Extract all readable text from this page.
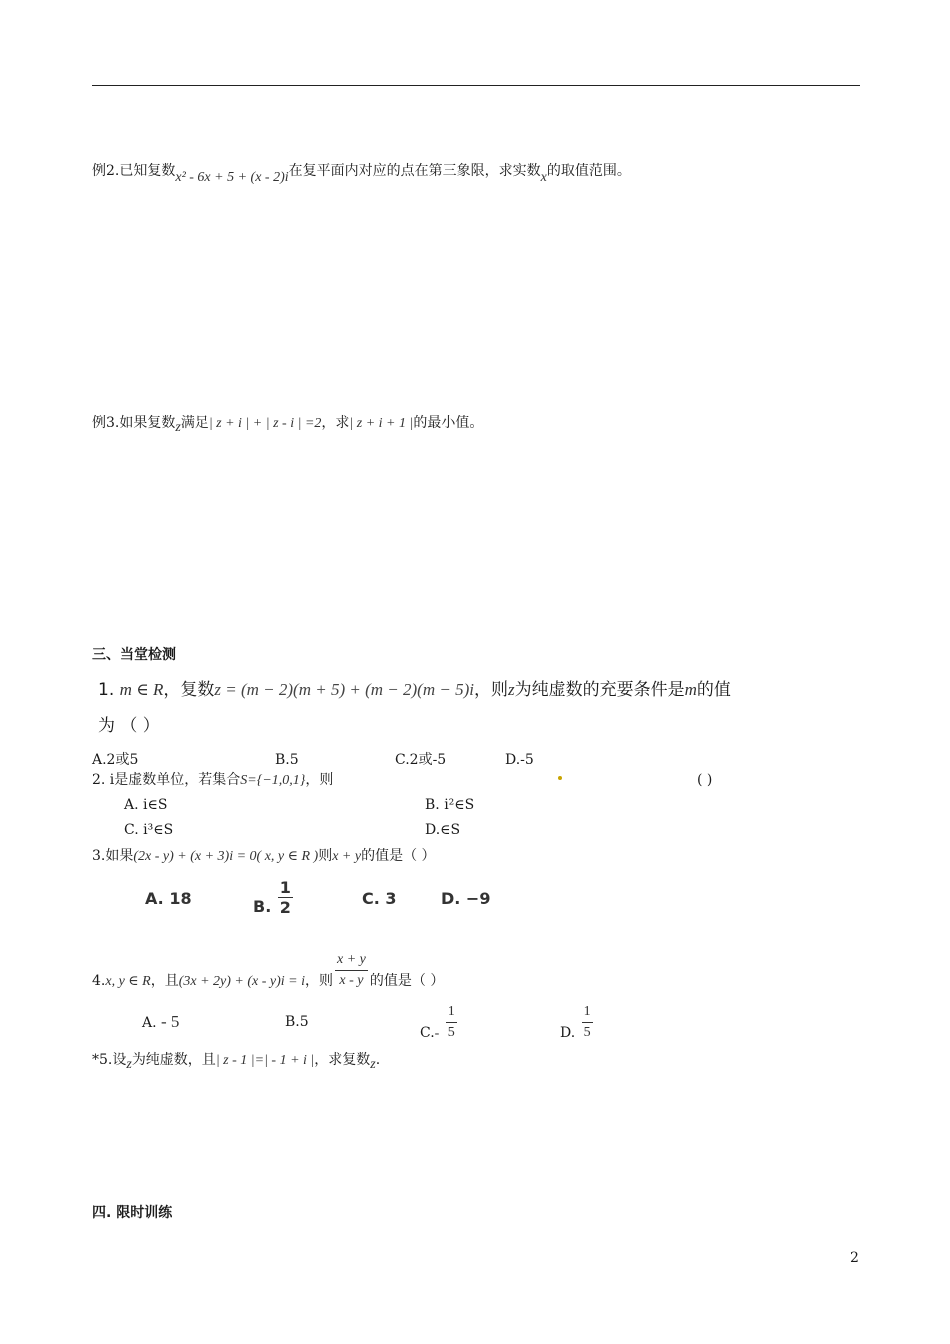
例2.已知复数x² - 6x + 5 + (x - 2)i在复平面内对应的点在第三象限，求实数x的取值范围。
例3.如果复数z满足| z + i | + | z - i | =2，求| z + i + 1 |的最小值。
三、当堂检测
1. m ∈ R，复数z = (m − 2)(m + 5) + (m − 2)(m − 5)i，则z为纯虚数的充要条件是m的值
为 （ ）
A.2或5	B.5	C.2或-5	D.-5
2. i是虚数单位，若集合S={−1,0,1}，则	( )
A. i∈S	B. i²∈S
C. i³∈S	D.∈S
3.如果(2x - y) + (x + 3)i = 0( x, y ∈ R )则x + y的值是（ ）
A. 18	B. $\frac{1}{2}$	C. 3	D. −9
4.x, y ∈ R，且(3x + 2y) + (x - y)i = i，则 $\frac{x + y}{x - y}$ 的值是（ ）
A. - 5	B.5
$C.- \frac{1}{5}$	D. $\frac{1}{5}$
*5.设z为纯虚数，且| z - 1 |=| - 1 + i |，求复数z.
四. 限时训练
2
